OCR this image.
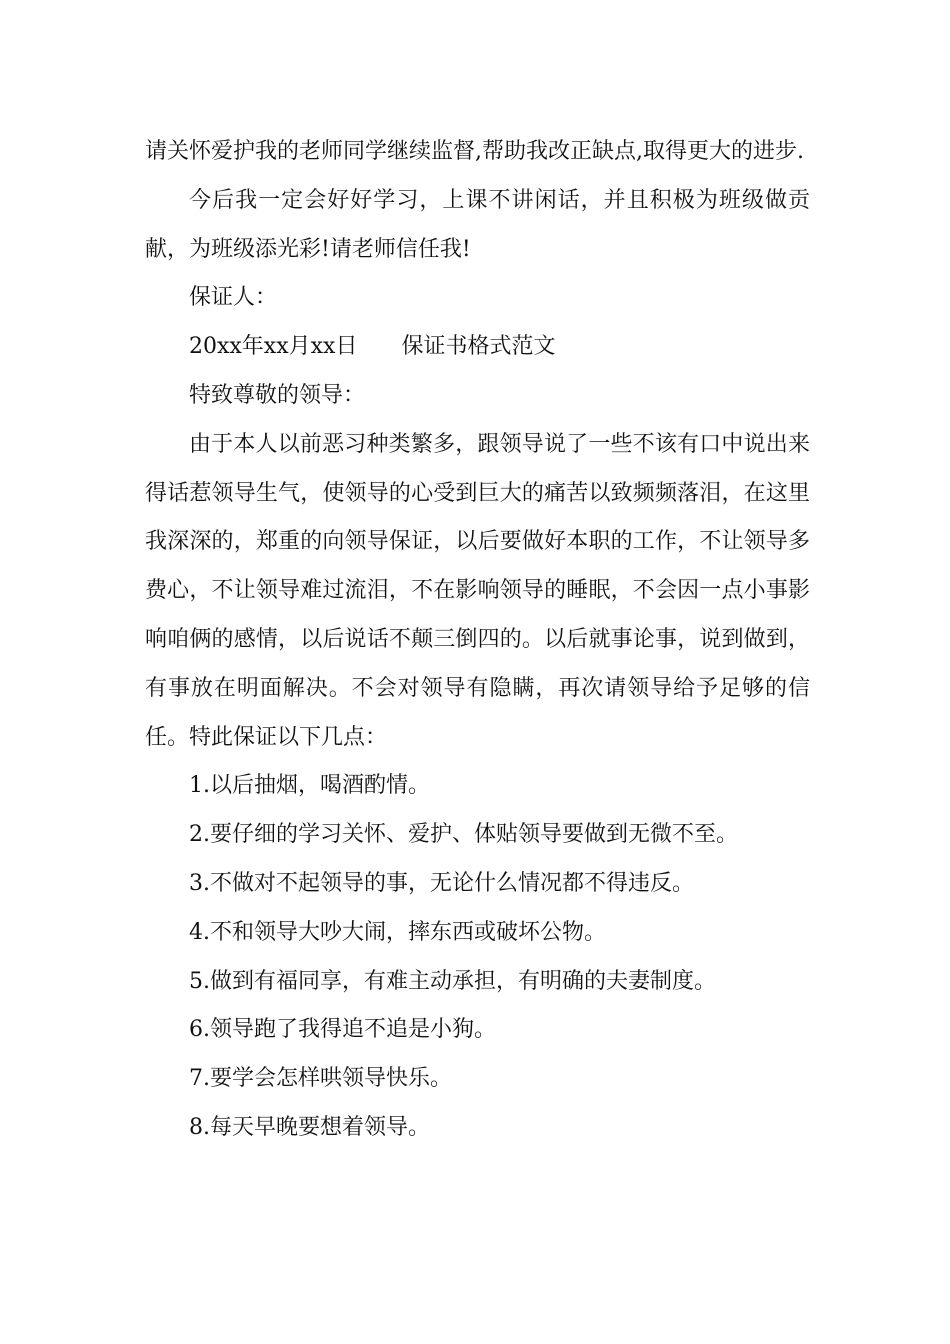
请关怀爱护我的老师同学继续监督,帮助我改正缺点,取得更大的进步.

今后我一定会好好学习，上课不讲闲话，并且积极为班级做贡献，为班级添光彩!请老师信任我!

保证人：

20xx年xx月xx日 保证书格式范文

特致尊敬的领导：

由于本人以前恶习种类繁多，跟领导说了一些不该有口中说出来得话惹领导生气，使领导的心受到巨大的痛苦以致频频落泪，在这里我深深的，郑重的向领导保证，以后要做好本职的工作，不让领导多费心，不让领导难过流泪，不在影响领导的睡眠，不会因一点小事影响咱俩的感情，以后说话不颠三倒四的。以后就事论事，说到做到，有事放在明面解决。不会对领导有隐瞒，再次请领导给予足够的信任。特此保证以下几点：

1.以后抽烟，喝酒酌情。

2.要仔细的学习关怀、爱护、体贴领导要做到无微不至。

3.不做对不起领导的事，无论什么情况都不得违反。

4.不和领导大吵大闹，摔东西或破坏公物。

5.做到有福同享，有难主动承担，有明确的夫妻制度。

6.领导跑了我得追不追是小狗。

7.要学会怎样哄领导快乐。

8.每天早晚要想着领导。
